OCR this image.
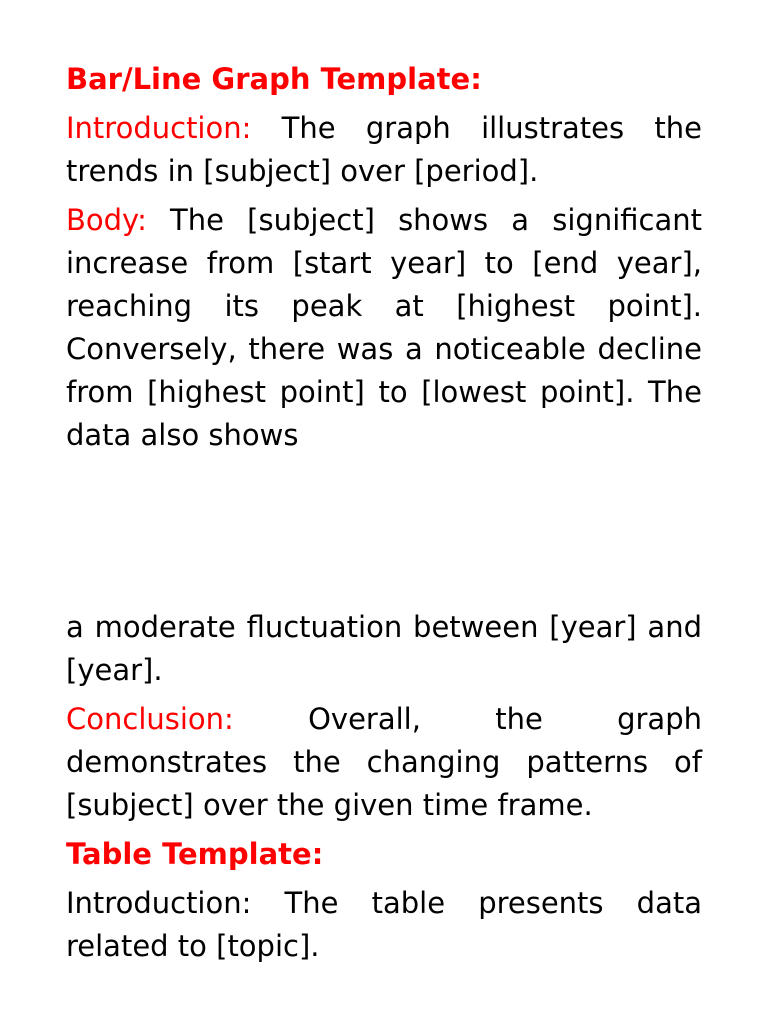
Bar/Line Graph Template:
Introduction: The graph illustrates the trends in [subject] over [period].
Body: The [subject] shows a significant increase from [start year] to [end year], reaching its peak at [highest point]. Conversely, there was a noticeable decline from [highest point] to [lowest point]. The data also shows
a moderate fluctuation between [year] and [year].
Conclusion: Overall, the graph demonstrates the changing patterns of [subject] over the given time frame.
Table Template:
Introduction: The table presents data related to [topic].
